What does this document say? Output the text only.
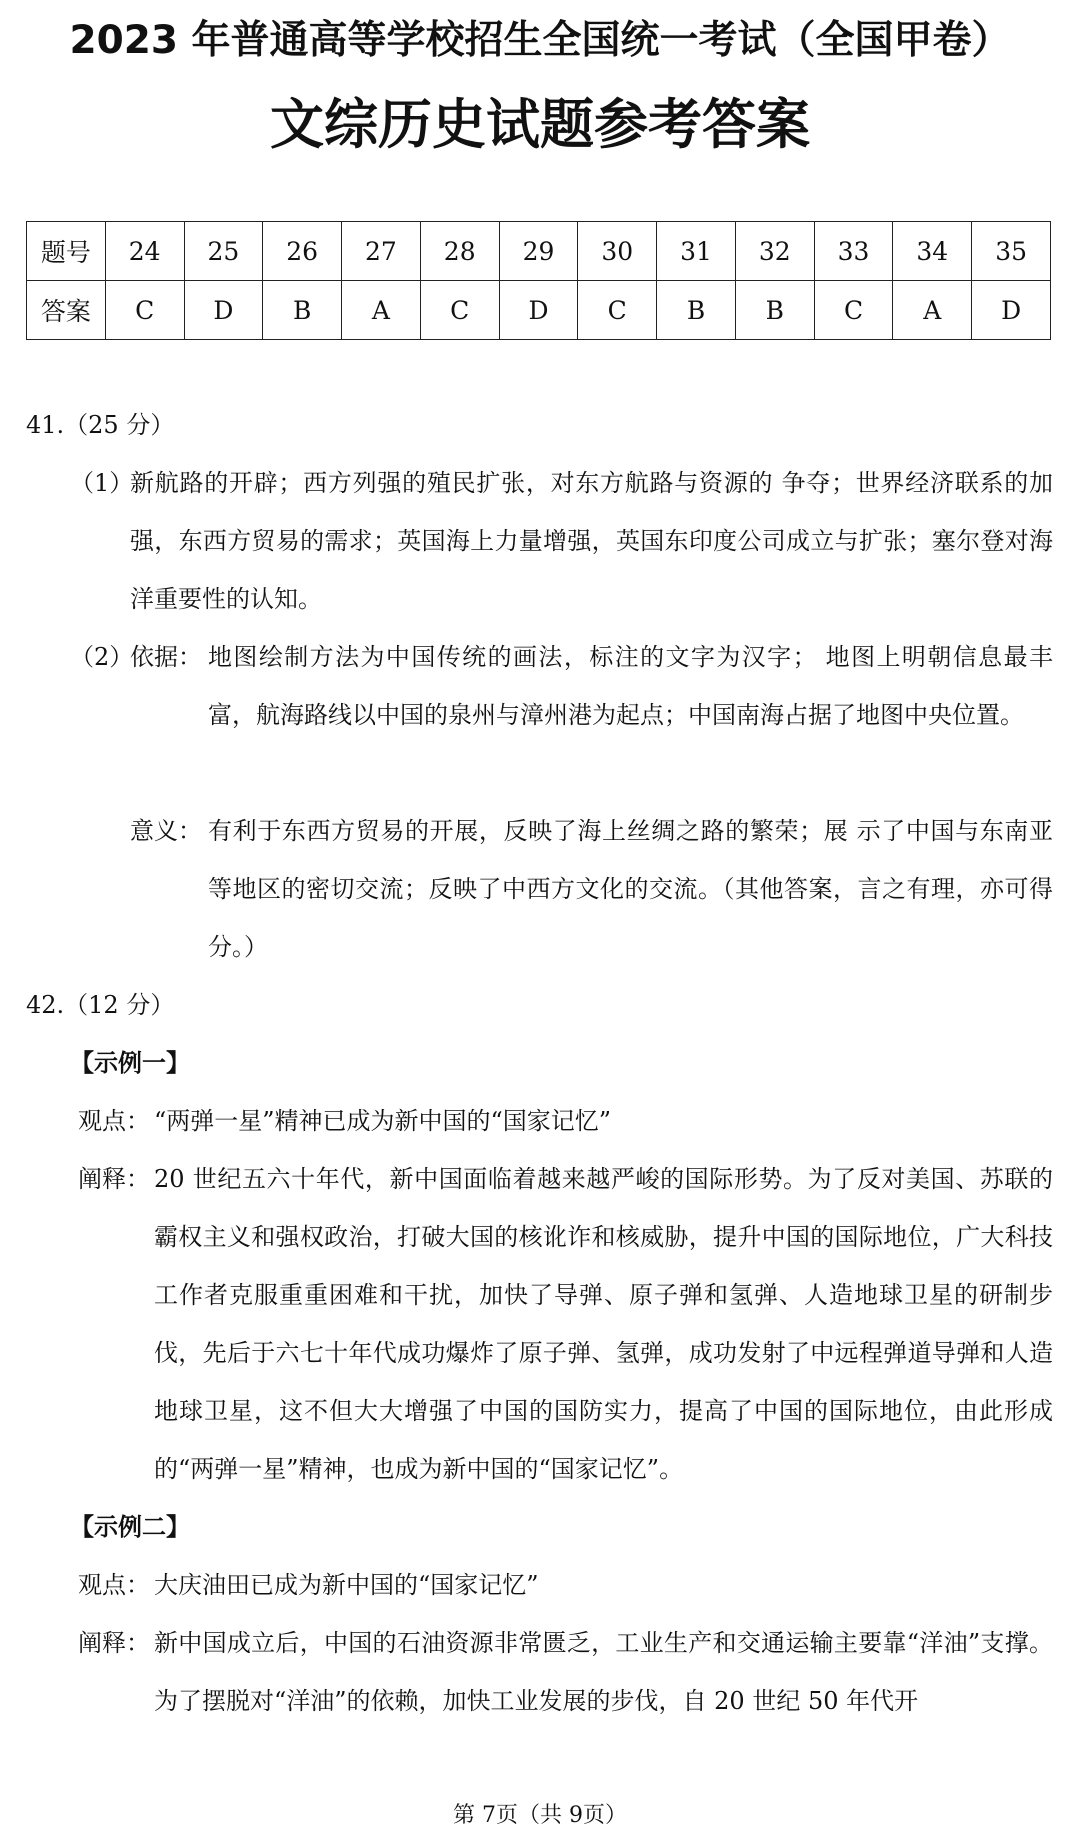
2023 年普通高等学校招生全国统一考试（全国甲卷）
文综历史试题参考答案
题号	24	25	26	27	28	29	30	31	32	33	34	35
答案	C	D	B	A	C	D	C	B	B	C	A	D
41.（25 分）
（1）
新航路的开辟；西方列强的殖民扩张，对东方航路与资源的 争夺；世界经济联系的加强，东西方贸易的需求；英国海上力量增强，英国东印度公司成立与扩张；塞尔登对海洋重要性的认知。
（2）
依据： 地图绘制方法为中国传统的画法，标注的文字为汉字； 地图上明朝信息最丰富，航海路线以中国的泉州与漳州港为起点；中国南海占据了地图中央位置。
意义： 有利于东西方贸易的开展，反映了海上丝绸之路的繁荣；展 示了中国与东南亚等地区的密切交流；反映了中西方文化的交流。（其他答案，言之有理，亦可得分。）
42.（12 分）
【示例一】
观点： “两弹一星”精神已成为新中国的“国家记忆”
阐释： 20 世纪五六十年代，新中国面临着越来越严峻的国际形势。为了反对美国、苏联的霸权主义和强权政治，打破大国的核讹诈和核威胁，提升中国的国际地位，广大科技工作者克服重重困难和干扰，加快了导弹、原子弹和氢弹、人造地球卫星的研制步伐，先后于六七十年代成功爆炸了原子弹、氢弹，成功发射了中远程弹道导弹和人造地球卫星，这不但大大增强了中国的国防实力，提高了中国的国际地位，由此形成的“两弹一星”精神，也成为新中国的“国家记忆”。
【示例二】
观点： 大庆油田已成为新中国的“国家记忆”
阐释： 新中国成立后，中国的石油资源非常匮乏，工业生产和交通运输主要靠“洋油”支撑。为了摆脱对“洋油”的依赖，加快工业发展的步伐，自 20 世纪 50 年代开
第 7页（共 9页）
